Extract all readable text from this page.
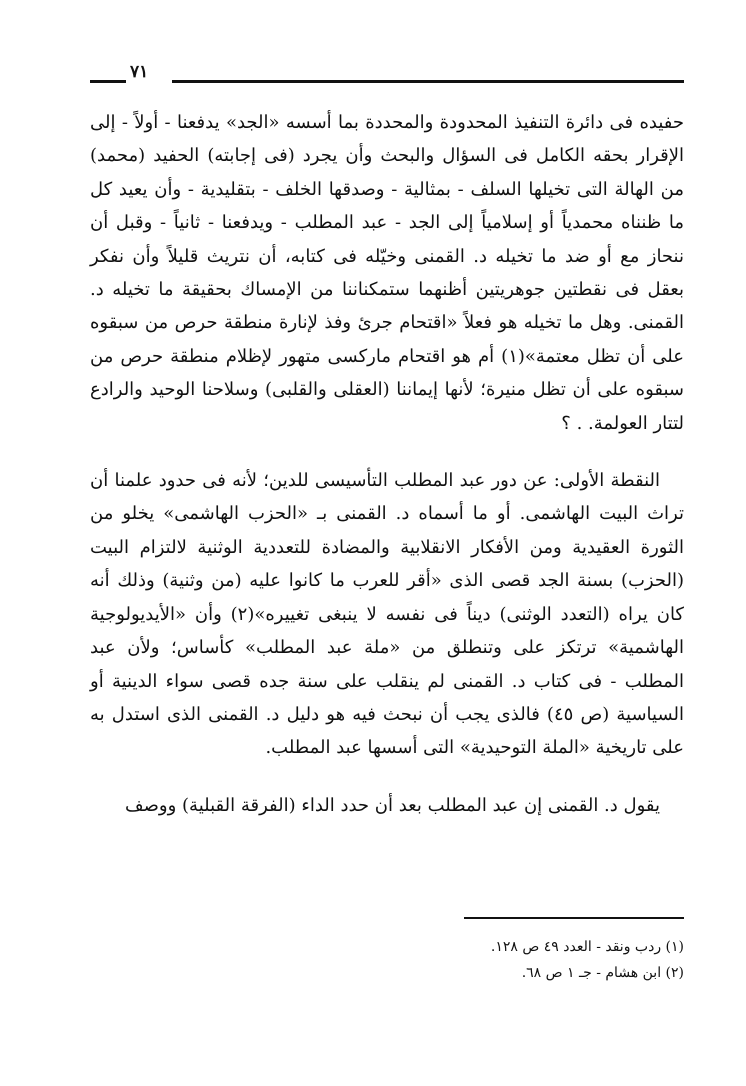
٧١

حفيده فى دائرة التنفيذ المحدودة والمحددة بما أسسه «الجد» يدفعنا - أولاً - إلى الإقرار بحقه الكامل فى السؤال والبحث وأن يجرد (فى إجابته) الحفيد (محمد) من الهالة التى تخيلها السلف - بمثالية - وصدقها الخلف - بتقليدية - وأن يعيد كل ما ظنناه محمدياً أو إسلامياً إلى الجد - عبد المطلب - ويدفعنا - ثانياً - وقبل أن ننحاز مع أو ضد ما تخيله د. القمنى وخيّله فى كتابه، أن نتريث قليلاً وأن نفكر بعقل فى نقطتين جوهريتين أظنهما ستمكناننا من الإمساك بحقيقة ما تخيله د. القمنى. وهل ما تخيله هو فعلاً «اقتحام جرئ وفذ لإنارة منطقة حرص من سبقوه على أن تظل معتمة»(١) أم هو اقتحام ماركسى متهور لإظلام منطقة حرص من سبقوه على أن تظل منيرة؛ لأنها إيماننا (العقلى والقلبى) وسلاحنا الوحيد والرادع لتتار العولمة. . ؟

النقطة الأولى: عن دور عبد المطلب التأسيسى للدين؛ لأنه فى حدود علمنا أن تراث البيت الهاشمى. أو ما أسماه د. القمنى بـ «الحزب الهاشمى» يخلو من الثورة العقيدية ومن الأفكار الانقلابية والمضادة للتعددية الوثنية لالتزام البيت (الحزب) بسنة الجد قصى الذى «أقر للعرب ما كانوا عليه (من وثنية) وذلك أنه كان يراه (التعدد الوثنى) ديناً فى نفسه لا ينبغى تغييره»(٢) وأن «الأيديولوجية الهاشمية» ترتكز على وتنطلق من «ملة عبد المطلب» كأساس؛ ولأن عبد المطلب - فى كتاب د. القمنى لم ينقلب على سنة جده قصى سواء الدينية أو السياسية (ص ٤٥) فالذى يجب أن نبحث فيه هو دليل د. القمنى الذى استدل به على تاريخية «الملة التوحيدية» التى أسسها عبد المطلب.

يقول د. القمنى إن عبد المطلب بعد أن حدد الداء (الفرقة القبلية) ووصف

(١) ردب ونقد - العدد ٤٩ ص ١٢٨.
(٢) ابن هشام - جـ ١ ص ٦٨.
